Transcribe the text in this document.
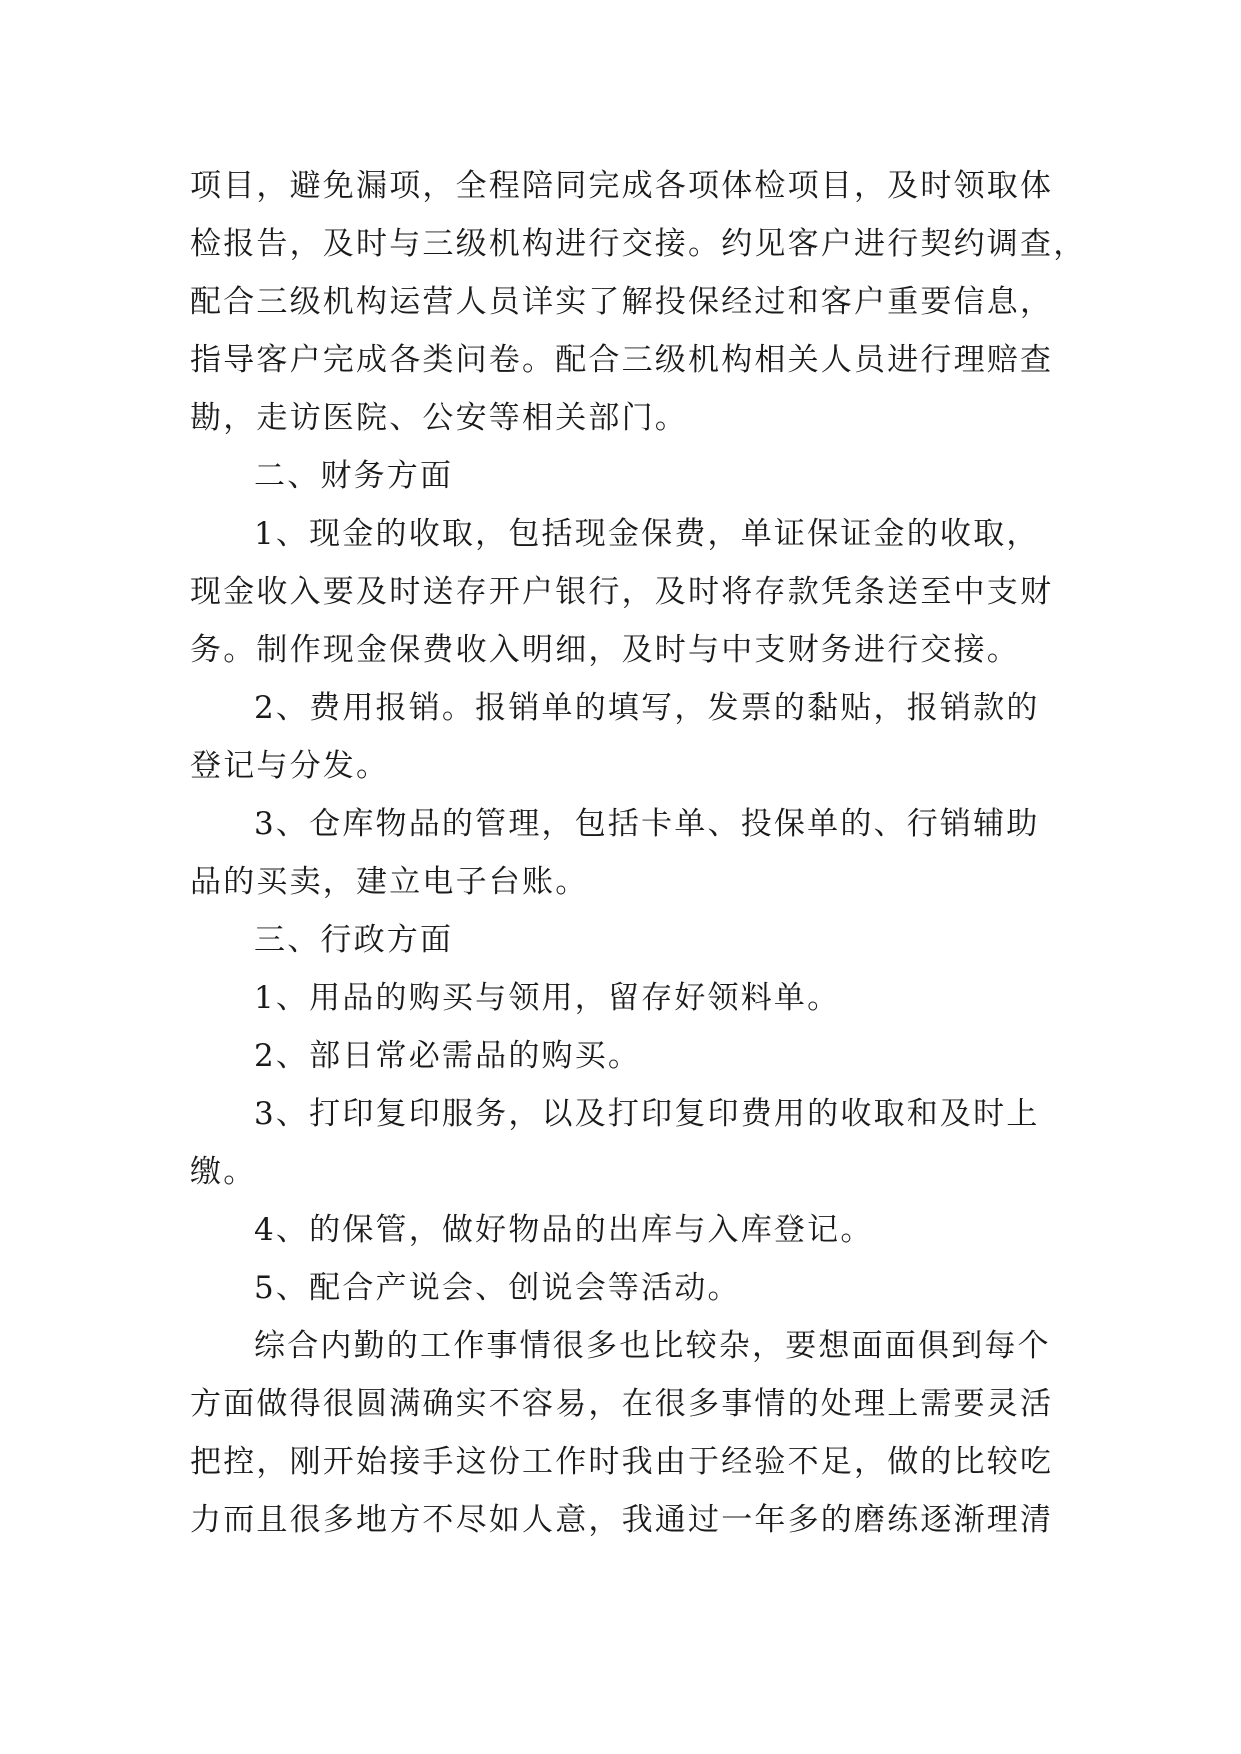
项目，避免漏项，全程陪同完成各项体检项目，及时领取体
检报告，及时与三级机构进行交接。约见客户进行契约调查，
配合三级机构运营人员详实了解投保经过和客户重要信息，
指导客户完成各类问卷。配合三级机构相关人员进行理赔查
勘，走访医院、公安等相关部门。

二、财务方面

1、现金的收取，包括现金保费，单证保证金的收取，
现金收入要及时送存开户银行，及时将存款凭条送至中支财
务。制作现金保费收入明细，及时与中支财务进行交接。

2、费用报销。报销单的填写，发票的黏贴，报销款的
登记与分发。

3、仓库物品的管理，包括卡单、投保单的、行销辅助
品的买卖，建立电子台账。

三、行政方面

1、用品的购买与领用，留存好领料单。

2、部日常必需品的购买。

3、打印复印服务，以及打印复印费用的收取和及时上
缴。

4、的保管，做好物品的出库与入库登记。

5、配合产说会、创说会等活动。

综合内勤的工作事情很多也比较杂，要想面面俱到每个
方面做得很圆满确实不容易，在很多事情的处理上需要灵活
把控，刚开始接手这份工作时我由于经验不足，做的比较吃
力而且很多地方不尽如人意，我通过一年多的磨练逐渐理清
